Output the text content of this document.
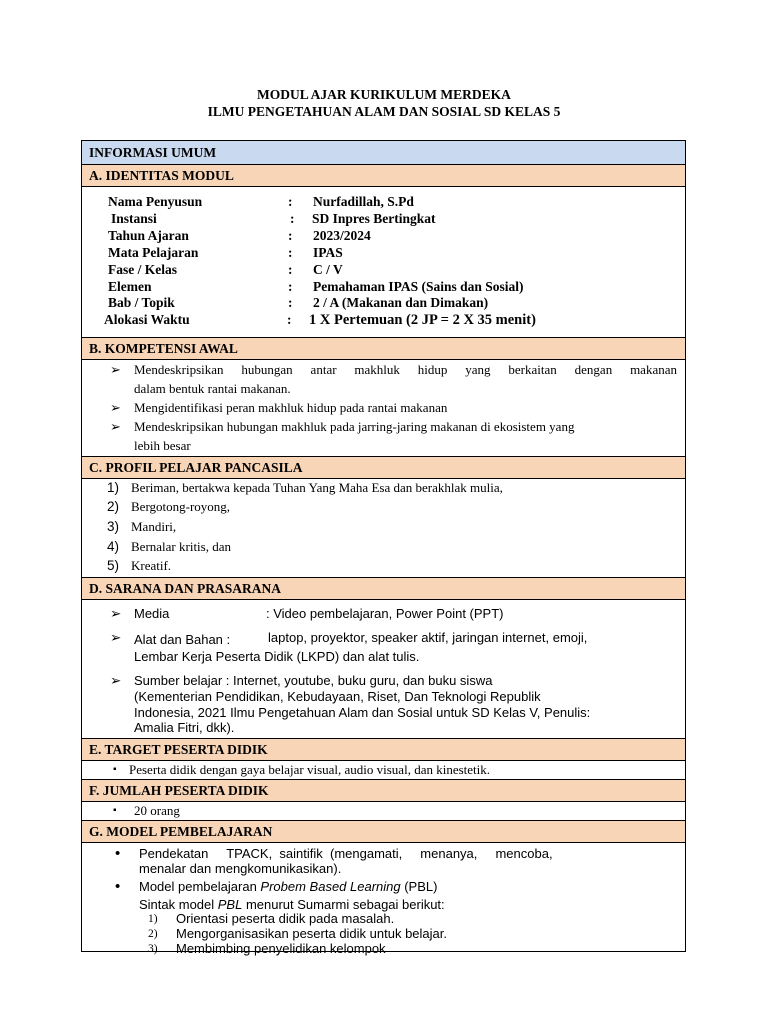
MODUL AJAR KURIKULUM MERDEKA
ILMU PENGETAHUAN ALAM DAN SOSIAL SD KELAS 5
INFORMASI UMUM
A. IDENTITAS MODUL
Nama Penyusun	: Nurfadillah, S.Pd
Instansi	: SD Inpres Bertingkat
Tahun Ajaran	: 2023/2024
Mata Pelajaran	: IPAS
Fase / Kelas	: C / V
Elemen	: Pemahaman IPAS (Sains dan Sosial)
Bab / Topik	: 2 / A (Makanan dan Dimakan)
Alokasi Waktu	: 1 X Pertemuan (2 JP = 2 X 35 menit)
B. KOMPETENSI AWAL
➢ Mendeskripsikan hubungan antar makhluk hidup yang berkaitan dengan makanan
dalam bentuk rantai makanan.
➢ Mengidentifikasi peran makhluk hidup pada rantai makanan
➢ Mendeskripsikan hubungan makhluk pada jarring-jaring makanan di ekosistem yang
lebih besar
C. PROFIL PELAJAR PANCASILA
1) Beriman, bertakwa kepada Tuhan Yang Maha Esa dan berakhlak mulia,
2) Bergotong-royong,
3) Mandiri,
4) Bernalar kritis, dan
5) Kreatif.
D. SARANA DAN PRASARANA
➢ Media	: Video pembelajaran, Power Point (PPT)
➢ Alat dan Bahan :	laptop, proyektor, speaker aktif, jaringan internet, emoji,
Lembar Kerja Peserta Didik (LKPD) dan alat tulis.
➢ Sumber belajar : Internet, youtube, buku guru, dan buku siswa
(Kementerian Pendidikan, Kebudayaan, Riset, Dan Teknologi Republik
Indonesia, 2021 Ilmu Pengetahuan Alam dan Sosial untuk SD Kelas V, Penulis:
Amalia Fitri, dkk).
E. TARGET PESERTA DIDIK
▪ Peserta didik dengan gaya belajar visual, audio visual, dan kinestetik.
F. JUMLAH PESERTA DIDIK
▪ 20 orang
G. MODEL PEMBELAJARAN
• Pendekatan     TPACK,  saintifik  (mengamati,     menanya,     mencoba,
menalar dan mengkomunikasikan).
• Model pembelajaran Probem Based Learning (PBL)
Sintak model PBL menurut Sumarmi sebagai berikut:
1) Orientasi peserta didik pada masalah.
2) Mengorganisasikan peserta didik untuk belajar.
3) Membimbing penyelidikan kelompok
